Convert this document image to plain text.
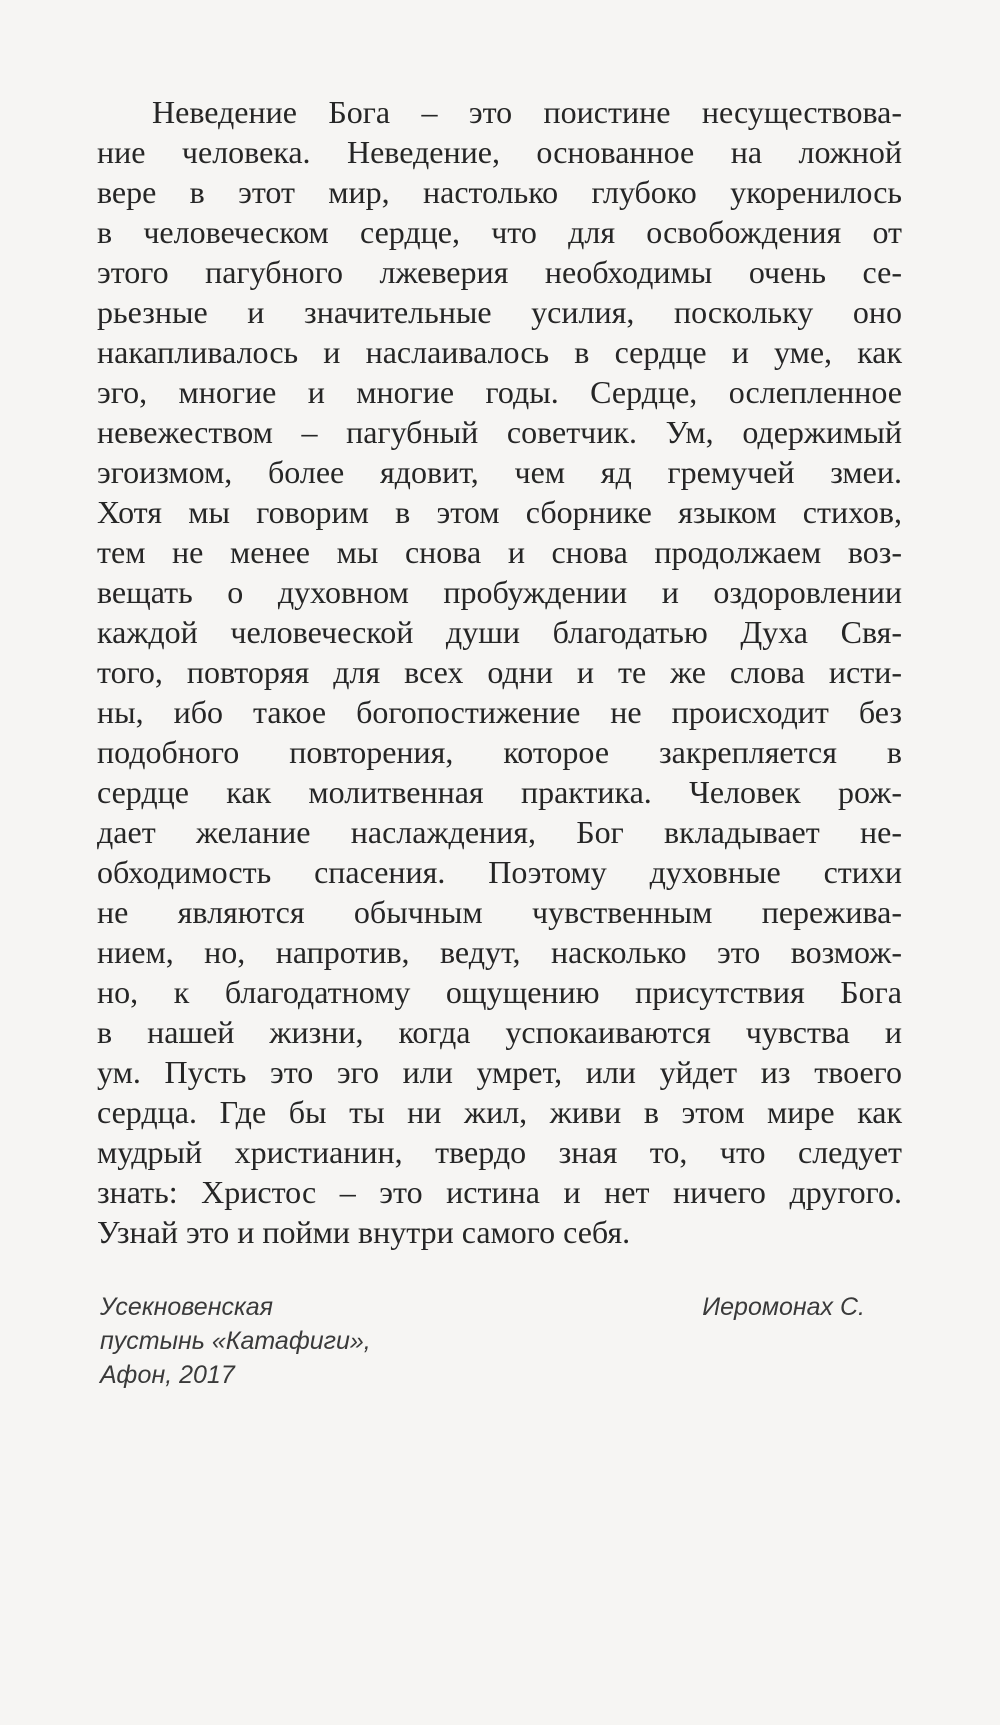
Неведение Бога – это поистине несуществова-
ние человека. Неведение, основанное на ложной
вере в этот мир, настолько глубоко укоренилось
в человеческом сердце, что для освобождения от
этого пагубного лжеверия необходимы очень се-
рьезные и значительные усилия, поскольку оно
накапливалось и наслаивалось в сердце и уме, как
эго, многие и многие годы. Сердце, ослепленное
невежеством – пагубный советчик. Ум, одержимый
эгоизмом, более ядовит, чем яд гремучей змеи.
Хотя мы говорим в этом сборнике языком стихов,
тем не менее мы снова и снова продолжаем воз-
вещать о духовном пробуждении и оздоровлении
каждой человеческой души благодатью Духа Свя-
того, повторяя для всех одни и те же слова исти-
ны, ибо такое богопостижение не происходит без
подобного повторения, которое закрепляется в
сердце как молитвенная практика. Человек рож-
дает желание наслаждения, Бог вкладывает не-
обходимость спасения. Поэтому духовные стихи
не являются обычным чувственным пережива-
нием, но, напротив, ведут, насколько это возмож-
но, к благодатному ощущению присутствия Бога
в нашей жизни, когда успокаиваются чувства и
ум. Пусть это эго или умрет, или уйдет из твоего
сердца. Где бы ты ни жил, живи в этом мире как
мудрый христианин, твердо зная то, что следует
знать: Христос – это истина и нет ничего другого.
Узнай это и пойми внутри самого себя.
Усекновенская
пустынь «Катафиги»,
Афон, 2017
Иеромонах С.
